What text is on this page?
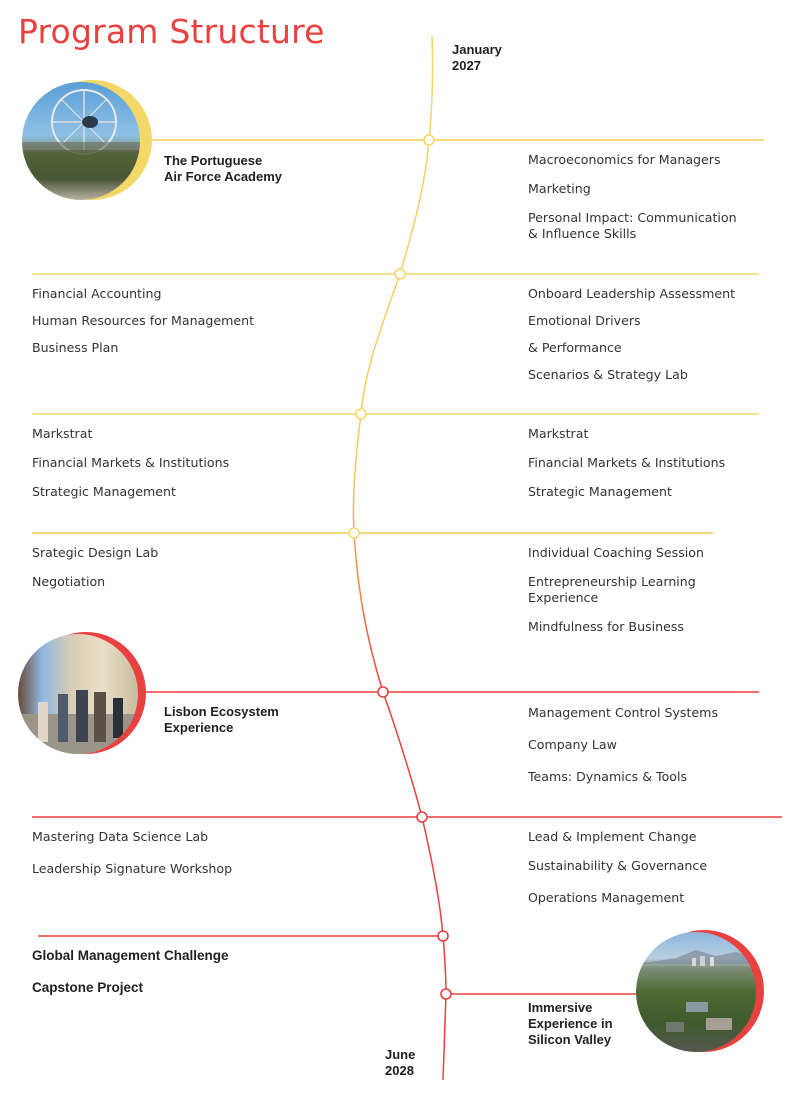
Program Structure	January
2027
June
2028
The Portuguese
Air Force Academy
Lisbon Ecosystem
Experience
Immersive
Experience in
Silicon Valley
Macroeconomics for Managers
Marketing
Personal Impact: Communication
& Influence Skills
Financial Accounting
Human Resources for Management
Business Plan
Onboard Leadership Assessment
Emotional Drivers
& Performance
Scenarios & Strategy Lab
Markstrat
Financial Markets & Institutions
Strategic Management
Markstrat
Financial Markets & Institutions
Strategic Management
Srategic Design Lab
Negotiation
Individual Coaching Session
Entrepreneurship Learning
Experience
Mindfulness for Business
Management Control Systems
Company Law
Teams: Dynamics & Tools
Mastering Data Science Lab
Leadership Signature Workshop
Lead & Implement Change
Sustainability & Governance
Operations Management
Global Management Challenge
Capstone Project
